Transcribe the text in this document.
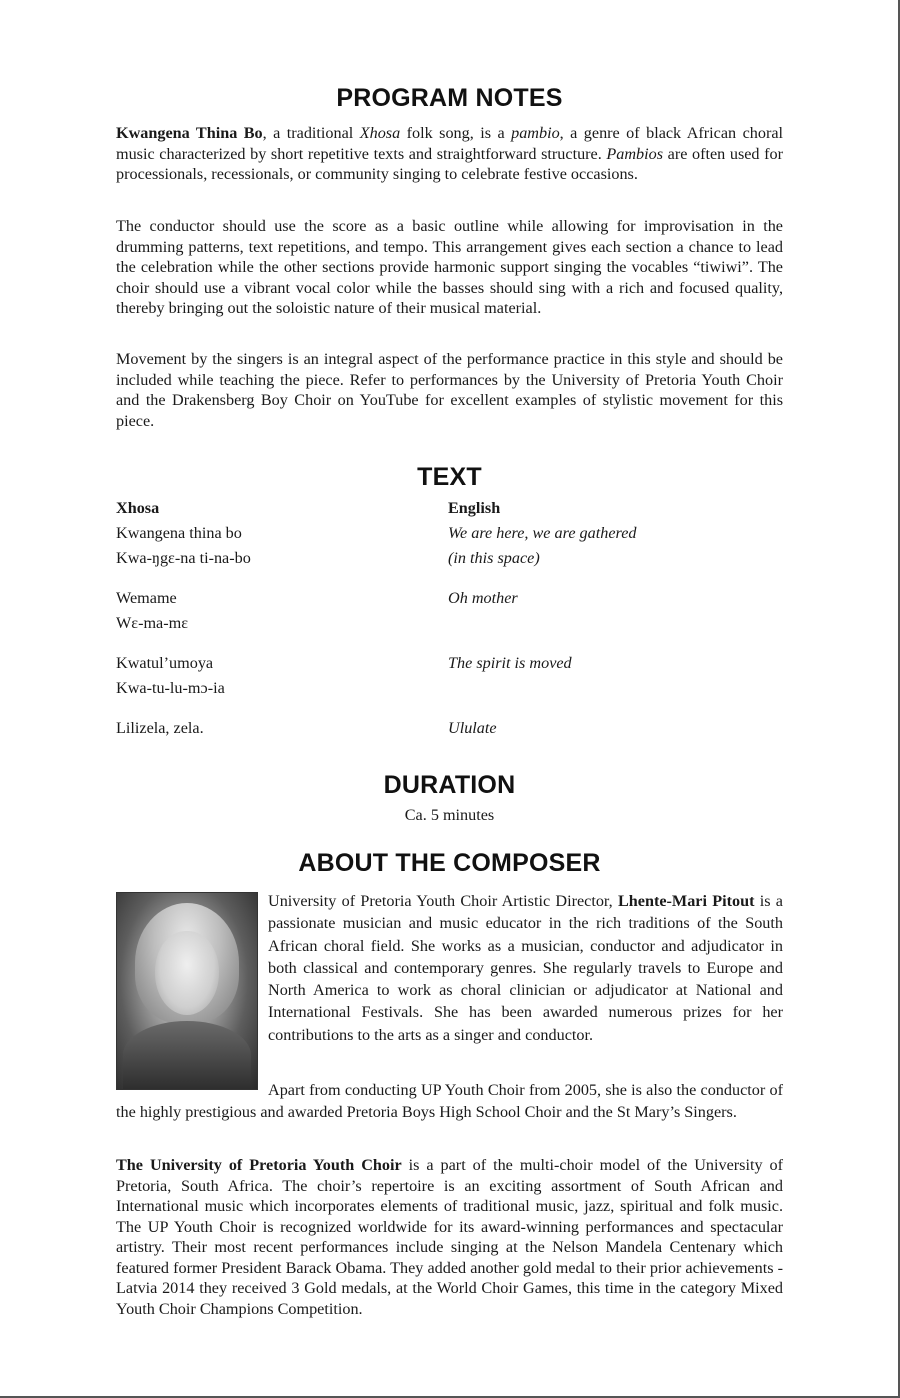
PROGRAM NOTES

Kwangena Thina Bo, a traditional Xhosa folk song, is a pambio, a genre of black African choral music characterized by short repetitive texts and straightforward structure. Pambios are often used for processionals, recessionals, or community singing to celebrate festive occasions.

The conductor should use the score as a basic outline while allowing for improvisation in the drumming patterns, text repetitions, and tempo. This arrangement gives each section a chance to lead the celebration while the other sections provide harmonic support singing the vocables “tiwiwi”. The choir should use a vibrant vocal color while the basses should sing with a rich and focused quality, thereby bringing out the soloistic nature of their musical material.

Movement by the singers is an integral aspect of the performance practice in this style and should be included while teaching the piece. Refer to performances by the University of Pretoria Youth Choir and the Drakensberg Boy Choir on YouTube for excellent examples of stylistic movement for this piece.

TEXT
Xhosa	English
Kwangena thina bo	We are here, we are gathered
Kwa-ŋgɛ-na ti-na-bo	(in this space)
Wemame	Oh mother
Wɛ-ma-mɛ
Kwatul’umoya	The spirit is moved
Kwa-tu-lu-mɔ-ia
Lilizela, zela.	Ululate
DURATION
Ca. 5 minutes
ABOUT THE COMPOSER

University of Pretoria Youth Choir Artistic Director, Lhente-Mari Pitout is a passionate musician and music educator in the rich traditions of the South African choral field. She works as a musician, conductor and adjudicator in both classical and contemporary genres. She regularly travels to Europe and North America to work as choral clinician or adjudicator at National and International Festivals. She has been awarded numerous prizes for her contributions to the arts as a singer and conductor.

Apart from conducting UP Youth Choir from 2005, she is also the conductor of the highly prestigious and awarded Pretoria Boys High School Choir and the St Mary’s Singers.

The University of Pretoria Youth Choir is a part of the multi-choir model of the University of Pretoria, South Africa. The choir’s repertoire is an exciting assortment of South African and International music which incorporates elements of traditional music, jazz, spiritual and folk music. The UP Youth Choir is recognized worldwide for its award-winning performances and spectacular artistry. Their most recent performances include singing at the Nelson Mandela Centenary which featured former President Barack Obama. They added another gold medal to their prior achievements - Latvia 2014 they received 3 Gold medals, at the World Choir Games, this time in the category Mixed Youth Choir Champions Competition.
